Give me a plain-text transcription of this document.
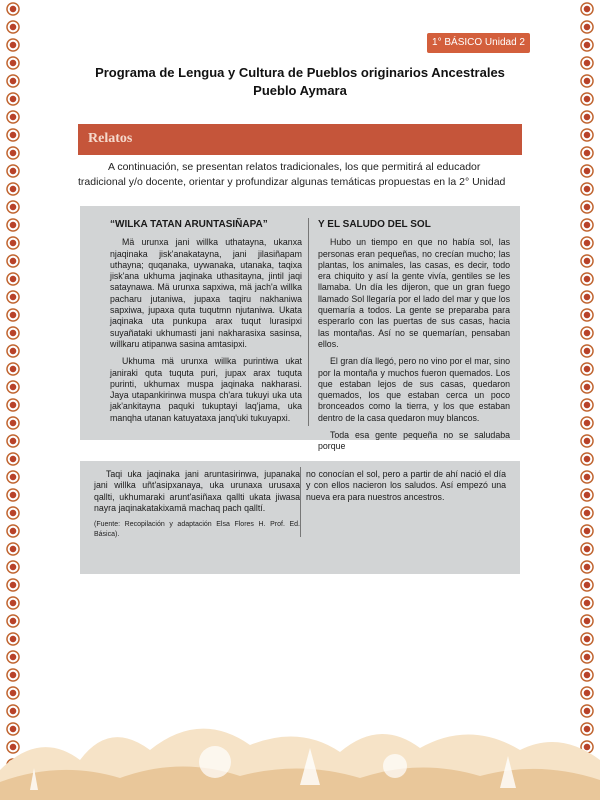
1° BÁSICO Unidad 2
Programa de Lengua y Cultura de Pueblos originarios Ancestrales
Pueblo Aymara
Relatos

A continuación, se presentan relatos tradicionales, los que permitirá al educador tradicional y/o docente, orientar y profundizar algunas temáticas propuestas en la 2° Unidad

“WILKA TATAN ARUNTASIÑAPA”

Mä urunxa jani willka uthatayna, ukanxa njaqinaka jisk'anakatayna, jani jilasiñapam uthayna; quqanaka, uywanaka, utanaka, taqixa jisk'ana ukhuma jaqinaka uthasitayna, jintil jaqi sataynawa. Mä urunxa sapxiwa, mä jach'a willka pacharu jutaniwa, jupaxa taqiru nakhaniwa sapxiwa, jupaxa quta tuqutmn njutaniwa. Ukata jaqinaka uta punkupa arax tuqut lurasipxi suyañataki ukhumasti jani nakharasixa sasinsa, willkaru atipanwa sasina amtasipxi.

Ukhuma mä urunxa willka purintiwa ukat janiraki quta tuquta puri, jupax arax tuquta purinti, ukhumax muspa jaqinaka nakharasi. Jaya utapankirinwa muspa ch'ara tukuyi uka uta jak'ankitayna paquki tukuptayi laq'jama, uka manqha utanan katuyataxa janq'uki tukuyapxi.

Y EL SALUDO DEL SOL

Hubo un tiempo en que no había sol, las personas eran pequeñas, no crecían mucho; las plantas, los animales, las casas, es decir, todo era chiquito y así la gente vivía, gentiles se les llamaba. Un día les dijeron, que un gran fuego llamado Sol llegaría por el lado del mar y que los quemaría a todos. La gente se preparaba para esperarlo con las puertas de sus casas, hacia las montañas. Así no se quemarían, pensaban ellos.

El gran día llegó, pero no vino por el mar, sino por la montaña y muchos fueron quemados. Los que estaban lejos de sus casas, quedaron quemados, los que estaban cerca un poco bronceados como la tierra, y los que estaban dentro de la casa quedaron muy blancos.

Toda esa gente pequeña no se saludaba porque

Taqi uka jaqinaka jani aruntasirinwa, jupanaka jani willka uñt'asipxanaya, uka urunaxa urusaxa qallti, ukhumaraki arunt'asiñaxa qallti ukata jiwasa nayra jaqinakatakixamä machaq pach qalltí.

(Fuente: Recopilación y adaptación Elsa Flores H. Prof. Ed. Básica).

no conocían el sol, pero a partir de ahí nació el día y con ellos nacieron los saludos. Así empezó una nueva era para nuestros ancestros.
